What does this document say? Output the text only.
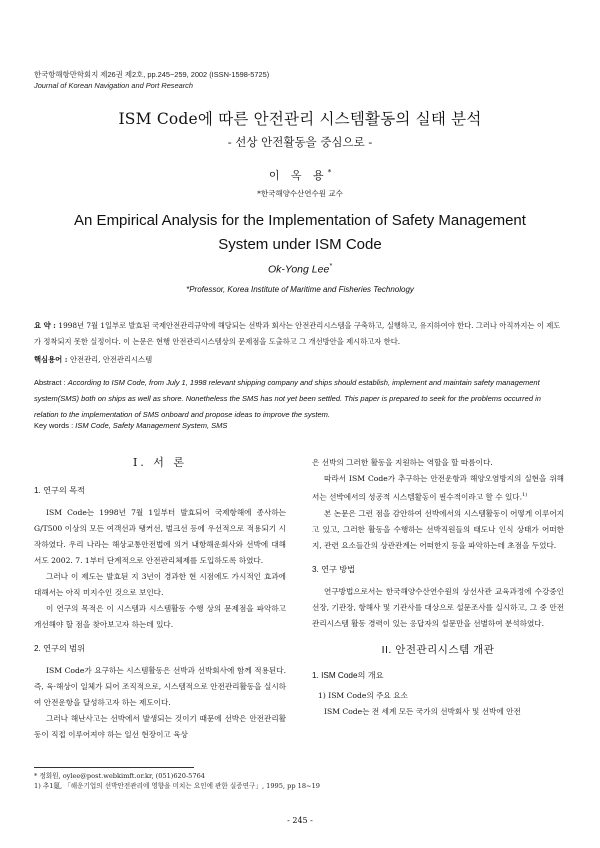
한국항해항만학회지 제26권 제2호, pp.245~259, 2002 (ISSN-1598-5725)
Journal of Korean Navigation and Port Research
ISM Code에 따른 안전관리 시스템활동의 실태 분석
- 선상 안전활동을 중심으로 -
이 옥 용*
*한국해양수산연수원 교수
An Empirical Analysis for the Implementation of Safety Management
System under ISM Code
Ok-Yong Lee*
*Professor, Korea Institute of Maritime and Fisheries Technology
요 약 : 1998년 7월 1일부로 발효된 국제안전관리규약에 해당되는 선박과 회사는 안전관리시스템을 구축하고, 실행하고, 유지하여야 한다. 그러나 아직까지는 이 제도가 정착되지 못한 실정이다. 이 논문은 현행 안전관리시스템상의 문제점을 도출하고 그 개선방안을 제시하고자 한다.
핵심용어 : 안전관리, 안전관리시스템
Abstract : According to ISM Code, from July 1, 1998 relevant shipping company and ships should establish, implement and maintain safety management system(SMS) both on ships as well as shore. Nonetheless the SMS has not yet been settled. This paper is prepared to seek for the problems occurred in relation to the implementation of SMS onboard and propose ideas to improve the system.
Key words : ISM Code, Safety Management System, SMS
I. 서 론
1. 연구의 목적

ISM Code는 1998년 7월 1일부터 발효되어 국제항해에 종사하는 G/T500 이상의 모든 여객선과 탱커선, 벌크선 등에 우선적으로 적용되기 시작하였다. 우리 나라는 해상교통안전법에 의거 내항해운회사와 선박에 대해서도 2002. 7. 1부터 단계적으로 안전관리체제를 도입하도록 하였다.

그러나 이 제도는 발효된 지 3년이 경과한 현 시점에도 가시적인 효과에 대해서는 아직 미지수인 것으로 보인다.

이 연구의 목적은 이 시스템과 시스템활동 수행 상의 문제점을 파악하고 개선해야 할 점을 찾아보고자 하는데 있다.

2. 연구의 범위

ISM Code가 요구하는 시스템활동은 선박과 선박회사에 함께 적용된다. 즉, 육·해상이 일체가 되어 조직적으로, 시스템적으로 안전관리활동을 실시하여 안전운항을 달성하고자 하는 제도이다.

그러나 해난사고는 선박에서 발생되는 것이기 때문에 선박은 안전관리활동이 직접 이루어져야 하는 일선 현장이고 육상

은 선박의 그러한 활동을 지원하는 역할을 할 따름이다.

따라서 ISM Code가 추구하는 안전운항과 해양오염방지의 실현을 위해서는 선박에서의 성공적 시스템활동이 필수적이라고 할 수 있다.$^{1)}$

본 논문은 그런 점을 감안하여 선박에서의 시스템활동이 어떻게 이루어지고 있고, 그러한 활동을 수행하는 선박직원들의 태도나 인식 상태가 어떠한지, 관련 요소들간의 상관관계는 어떠한지 등을 파악하는데 초점을 두었다.

3. 연구 방법

연구방법으로서는 한국해양수산연수원의 상선사관 교육과정에 수강중인 선장, 기관장, 항해사 및 기관사를 대상으로 설문조사를 실시하고, 그 중 안전관리시스템 활동 경력이 있는 응답자의 설문만을 선별하여 분석하였다.

II. 안전관리시스템 개관
1. ISM Code의 개요
1) ISM Code의 주요 요소

ISM Code는 전 세계 모든 국가의 선박회사 및 선박에 안전

* 정회원, oylee@post.webkimft.or.kr, (051)620-5764
1) 추1氪, 「해운기업의 선박안전관리에 영향을 미치는 요인에 관한 실증연구」, 1995, pp 18~19
- 245 -
